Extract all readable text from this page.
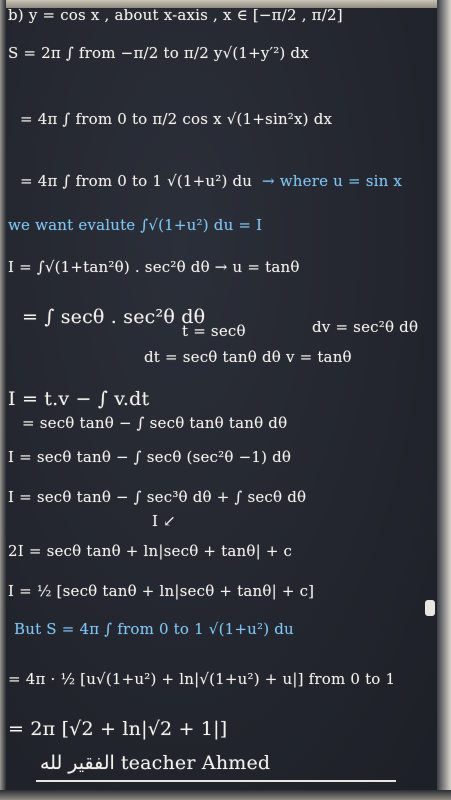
b) y = cos x , about x-axis , x ∈ [−π/2 , π/2]
S = 2π ∫ from −π/2 to π/2 y√(1+y′²) dx
= 4π ∫ from 0 to π/2 cos x √(1+sin²x) dx
= 4π ∫ from 0 to 1 √(1+u²) du → where u = sin x
we want evalute ∫√(1+u²) du = I
I = ∫√(1+tan²θ) . sec²θ dθ → u = tanθ
= ∫ secθ . sec²θ dθ
t = secθ	dv = sec²θ dθ
dt = secθ tanθ dθ v = tanθ
I = t.v − ∫ v.dt
= secθ tanθ − ∫ secθ tanθ tanθ dθ
I = secθ tanθ − ∫ secθ (sec²θ −1) dθ
I = secθ tanθ − ∫ sec³θ dθ + ∫ secθ dθ
I ↙
2I = secθ tanθ + ln|secθ + tanθ| + c
I = ½ [secθ tanθ + ln|secθ + tanθ| + c]
But S = 4π ∫ from 0 to 1 √(1+u²) du
= 4π · ½ [u√(1+u²) + ln|√(1+u²) + u|] from 0 to 1
= 2π [√2 + ln|√2 + 1|]
الفقير لله teacher Ahmed
